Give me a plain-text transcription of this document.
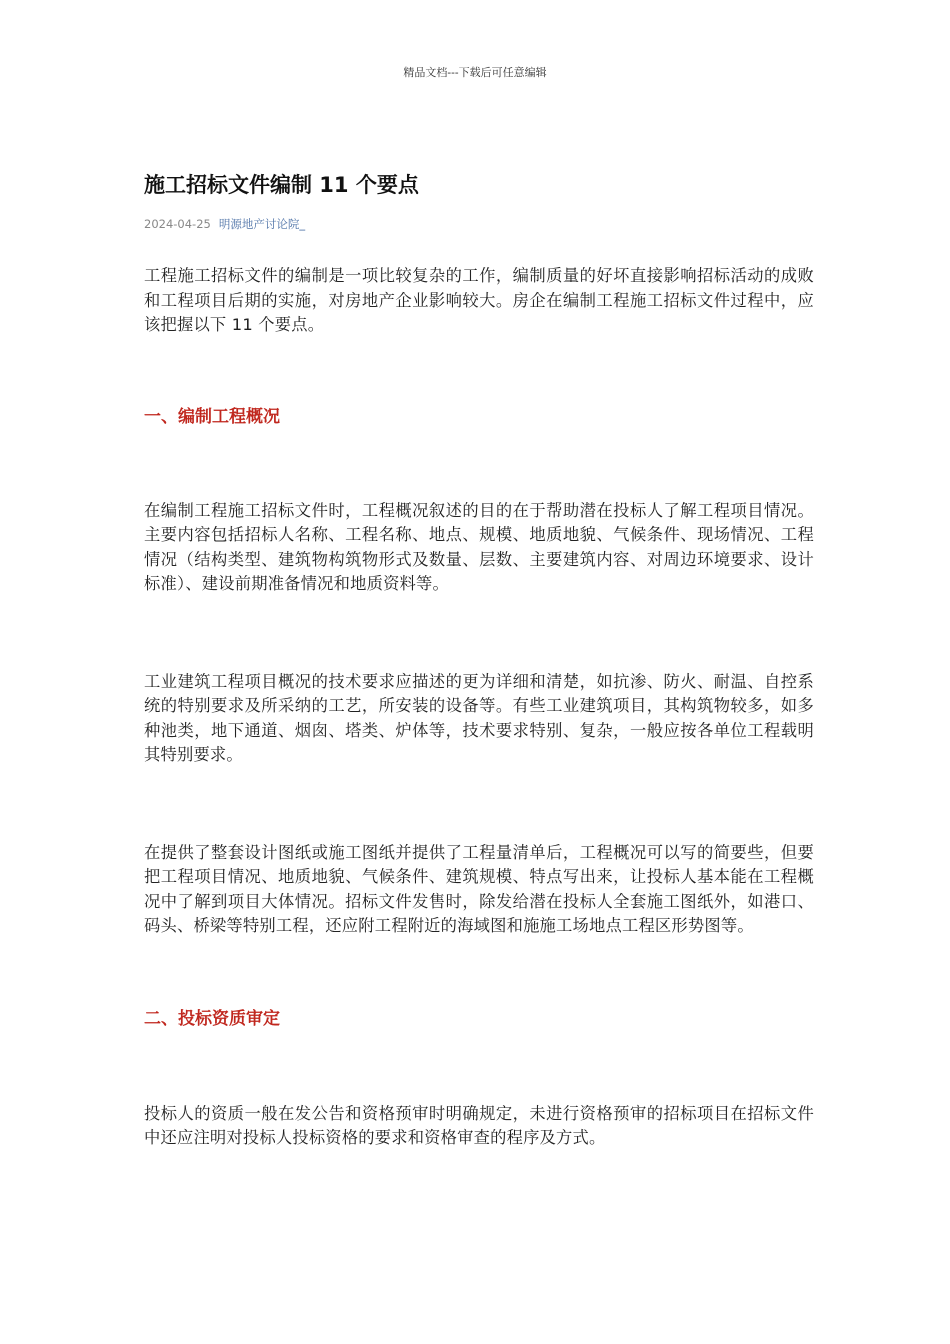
精品文档---下载后可任意编辑
施工招标文件编制 11 个要点
2024-04-25 明源地产讨论院_

工程施工招标文件的编制是一项比较复杂的工作，编制质量的好坏直接影响招标活动的成败和工程项目后期的实施，对房地产企业影响较大。房企在编制工程施工招标文件过程中，应该把握以下 11 个要点。

一、编制工程概况

在编制工程施工招标文件时，工程概况叙述的目的在于帮助潜在投标人了解工程项目情况。主要内容包括招标人名称、工程名称、地点、规模、地质地貌、气候条件、现场情况、工程情况（结构类型、建筑物构筑物形式及数量、层数、主要建筑内容、对周边环境要求、设计标准）、建设前期准备情况和地质资料等。

工业建筑工程项目概况的技术要求应描述的更为详细和清楚，如抗渗、防火、耐温、自控系统的特别要求及所采纳的工艺，所安装的设备等。有些工业建筑项目，其构筑物较多，如多种池类，地下通道、烟囱、塔类、炉体等，技术要求特别、复杂，一般应按各单位工程载明其特别要求。

在提供了整套设计图纸或施工图纸并提供了工程量清单后，工程概况可以写的简要些，但要把工程项目情况、地质地貌、气候条件、建筑规模、特点写出来，让投标人基本能在工程概况中了解到项目大体情况。招标文件发售时，除发给潜在投标人全套施工图纸外，如港口、码头、桥梁等特别工程，还应附工程附近的海域图和施施工场地点工程区形势图等。

二、投标资质审定

投标人的资质一般在发公告和资格预审时明确规定，未进行资格预审的招标项目在招标文件中还应注明对投标人投标资格的要求和资格审查的程序及方式。
